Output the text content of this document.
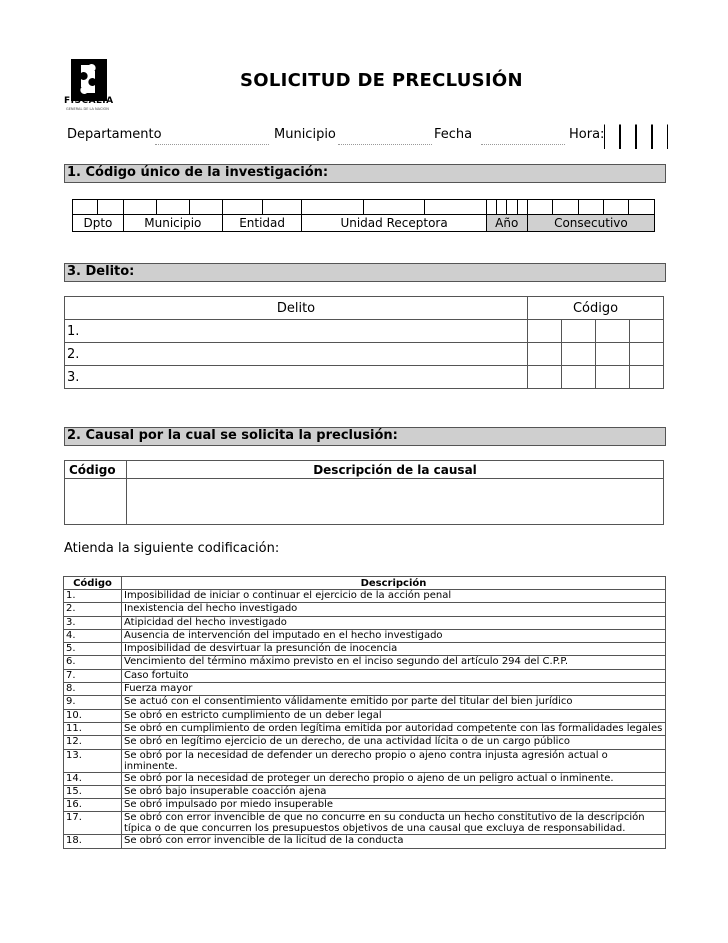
FISCALIA
GENERAL DE LA NACION
SOLICITUD DE PRECLUSIÓN
Departamento	Municipio	Fecha	Hora:
1. Código único de la investigación:

Dpto		Municipio			Entidad		Unidad Receptora			Año				Consecutivo				
3. Delito:
Delito	Código			
1.				
2.				
3.				
2. Causal por la cual se solicita la preclusión:
Código	Descripción de la causal

Atienda la siguiente codificación:
Código	Descripción
1.	Imposibilidad de iniciar o continuar el ejercicio de la acción penal
2.	Inexistencia del hecho investigado
3.	Atipicidad del hecho investigado
4.	Ausencia de intervención del imputado en el hecho investigado
5.	Imposibilidad de desvirtuar la presunción de inocencia
6.	Vencimiento del término máximo previsto en el inciso segundo del artículo 294 del C.P.P.
7.	Caso fortuito
8.	Fuerza mayor
9.	Se actuó con el consentimiento válidamente emitido por parte del titular del bien jurídico
10.	Se obró en estricto cumplimiento de un deber legal
11.	Se obró en cumplimiento de orden legítima emitida por autoridad competente con las formalidades legales
12.	Se obró en legítimo ejercicio de un derecho, de una actividad lícita o de un cargo público
13.	Se obró por la necesidad de defender un derecho propio o ajeno contra injusta agresión actual o inminente.
14.	Se obró por la necesidad de proteger un derecho propio o ajeno de un peligro actual o inminente.
15.	Se obró bajo insuperable coacción ajena
16.	Se obró impulsado por miedo insuperable
17.	Se obró con error invencible de que no concurre en su conducta un hecho constitutivo de la descripción típica o de que concurren los presupuestos objetivos de una causal que excluya de responsabilidad.
18.	Se obró con error invencible de la licitud de la conducta
